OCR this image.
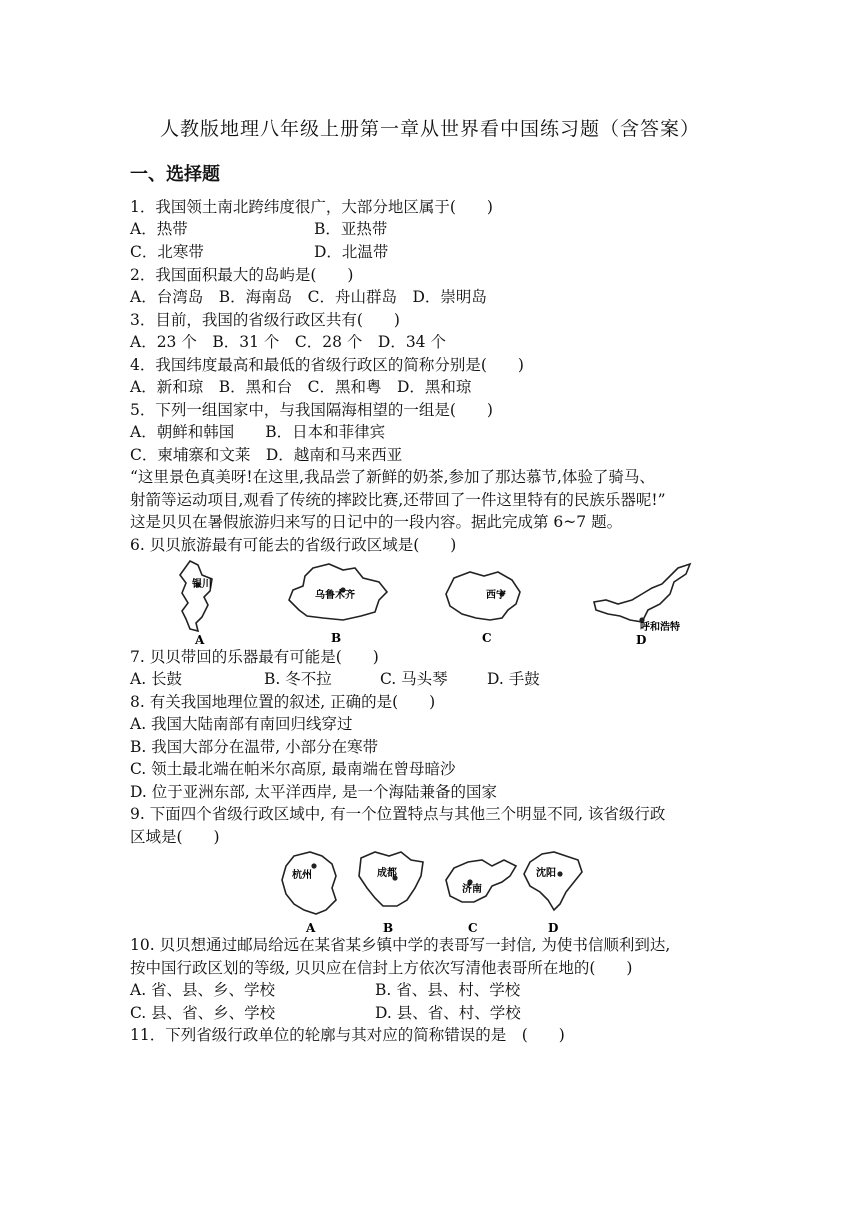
人教版地理八年级上册第一章从世界看中国练习题（含答案）
一、选择题
1．我国领土南北跨纬度很广，大部分地区属于(　　)
A．热带	B．亚热带
C．北寒带	D．北温带
2．我国面积最大的岛屿是(　　)
A．台湾岛　B．海南岛　C．舟山群岛　D．崇明岛
3．目前，我国的省级行政区共有(　　)
A．23 个　B．31 个　C．28 个　D．34 个
4．我国纬度最高和最低的省级行政区的简称分别是(　　)
A．新和琼　B．黑和台　C．黑和粤　D．黑和琼
5．下列一组国家中，与我国隔海相望的一组是(　　)
A．朝鲜和韩国　　B．日本和菲律宾
C．柬埔寨和文莱　D．越南和马来西亚
“这里景色真美呀!在这里,我品尝了新鲜的奶茶,参加了那达慕节,体验了骑马、
射箭等运动项目,观看了传统的摔跤比赛,还带回了一件这里特有的民族乐器呢!”
这是贝贝在暑假旅游归来写的日记中的一段内容。据此完成第 6~7 题。
6. 贝贝旅游最有可能去的省级行政区域是(　　)
银川
A
乌鲁木齐
B
西宁
C
呼和浩特
D
7. 贝贝带回的乐器最有可能是(　　)
A. 长鼓	B. 冬不拉	C. 马头琴	D. 手鼓
8. 有关我国地理位置的叙述, 正确的是(　　)
A. 我国大陆南部有南回归线穿过
B. 我国大部分在温带, 小部分在寒带
C. 领土最北端在帕米尔高原, 最南端在曾母暗沙
D. 位于亚洲东部, 太平洋西岸, 是一个海陆兼备的国家
9. 下面四个省级行政区域中, 有一个位置特点与其他三个明显不同, 该省级行政
区域是(　　)
杭州
A
成都
B
济南
C
沈阳
D
10. 贝贝想通过邮局给远在某省某乡镇中学的表哥写一封信, 为使书信顺利到达,
按中国行政区划的等级, 贝贝应在信封上方依次写清他表哥所在地的(　　)
A. 省、县、乡、学校	B. 省、县、村、学校
C. 县、省、乡、学校	D. 县、省、村、学校
11．下列省级行政单位的轮廓与其对应的简称错误的是　(　　)
